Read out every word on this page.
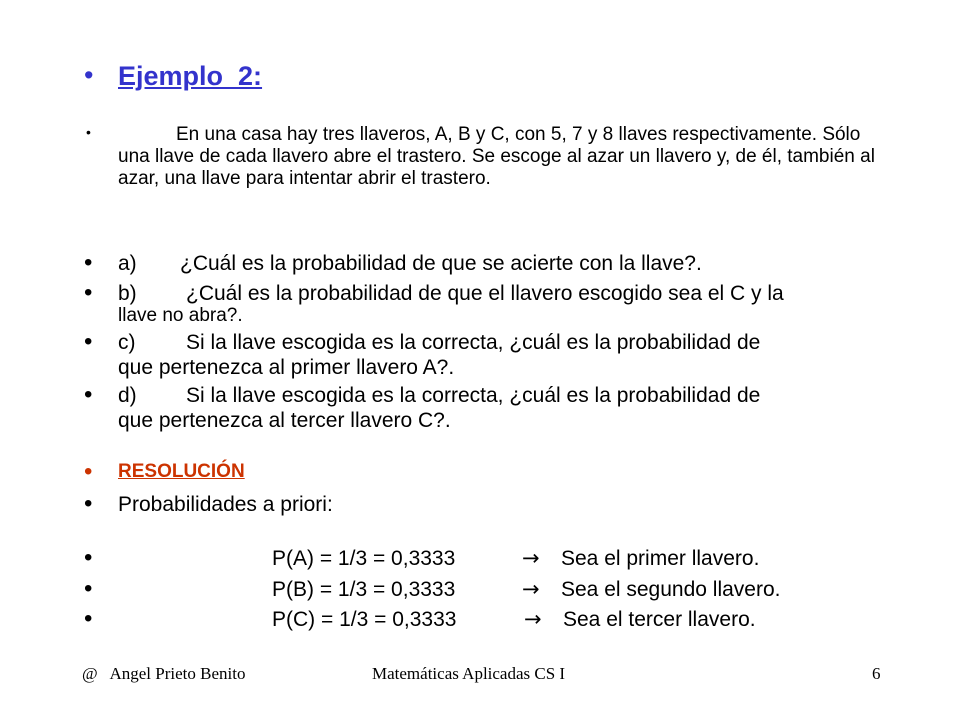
• Ejemplo_2:
•	En una casa hay tres llaveros, A, B y C, con 5, 7 y 8 llaves respectivamente. Sólo una llave de cada llavero abre el trastero. Se escoge al azar un llavero y, de él, también al azar, una llave para intentar abrir el trastero.
• a) ¿Cuál es la probabilidad de que se acierte con la llave?.
• b) ¿Cuál es la probabilidad de que el llavero escogido sea el C y la
llave no abra?.
• c) Si la llave escogida es la correcta, ¿cuál es la probabilidad de
que pertenezca al primer llavero A?.
• d) Si la llave escogida es la correcta, ¿cuál es la probabilidad de
que pertenezca al tercer llavero C?.
• RESOLUCIÓN
• Probabilidades a priori:
•	P(A) = 1/3 = 0,3333	→ Sea el primer llavero.
•	P(B) = 1/3 = 0,3333	→ Sea el segundo llavero.
•	P(C) = 1/3 = 0,3333	→ Sea el tercer llavero.
@   Angel Prieto Benito	Matemáticas Aplicadas CS I	6
